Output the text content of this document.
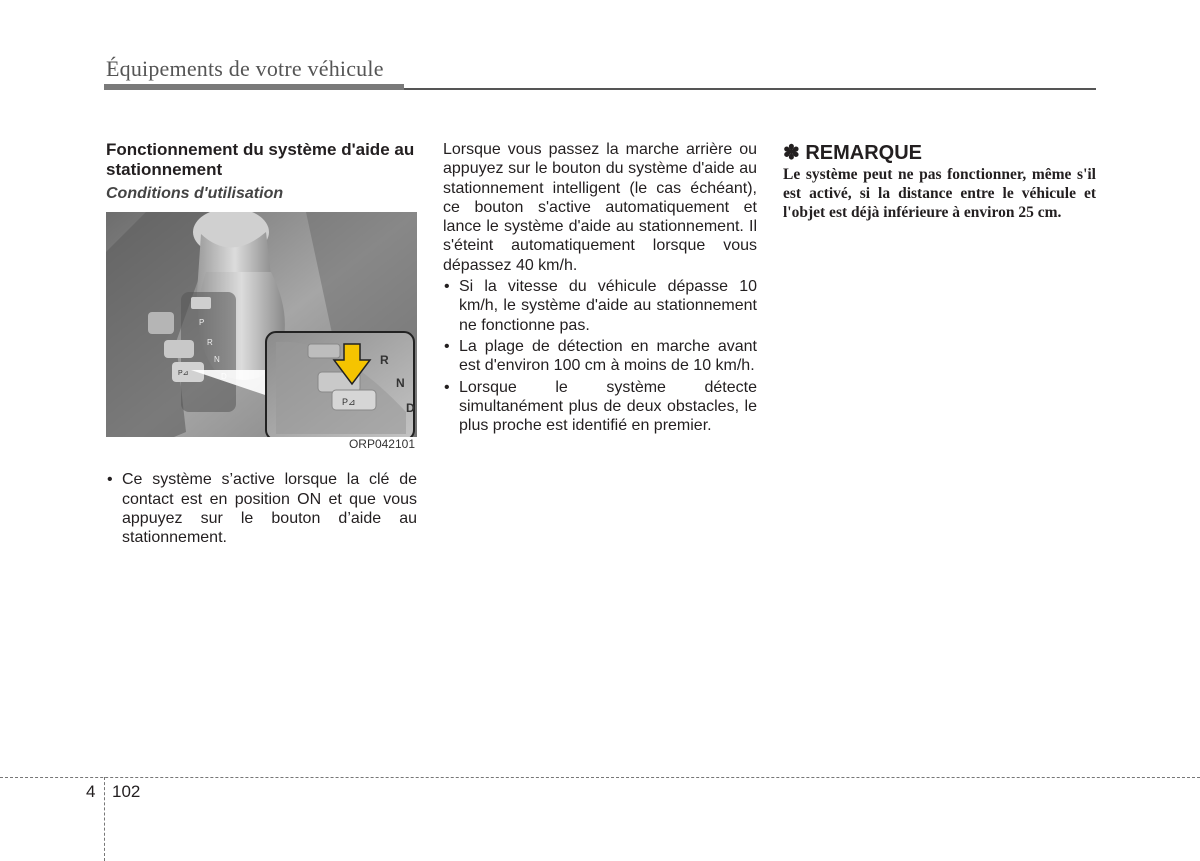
Équipements de votre véhicule
Fonctionnement du système d'aide au stationnement
Conditions d'utilisation
P
R
N
P⊿
P⊿
R
N
D
ORP042101
• Ce système s’active lorsque la clé de contact est en position ON et que vous appuyez sur le bouton d’aide au stationnement.

Lorsque vous passez la marche arrière ou appuyez sur le bouton du système d'aide au stationnement intelligent (le cas échéant), ce bouton s'active automatiquement et lance le système d'aide au stationnement. Il s'éteint automatiquement lorsque vous dépassez 40 km/h.

• Si la vitesse du véhicule dépasse 10 km/h, le système d'aide au stationnement ne fonctionne pas.
• La plage de détection en marche avant est d'environ 100 cm à moins de 10 km/h.
• Lorsque le système détecte simultanément plus de deux obstacles, le plus proche est identifié en premier.
✽ REMARQUE
Le système peut ne pas fonctionner, même s'il est activé, si la distance entre le véhicule et l'objet est déjà inférieure à environ 25 cm.
4 102
